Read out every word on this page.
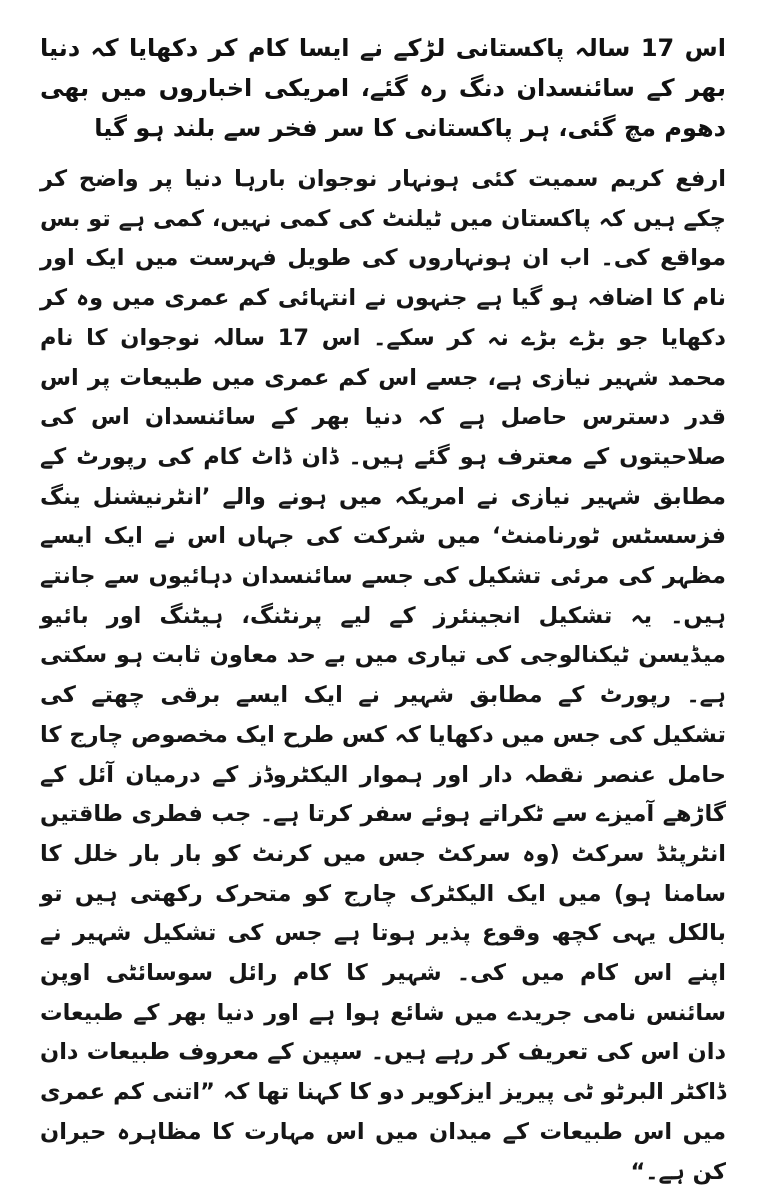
اس 17 سالہ پاکستانی لڑکے نے ایسا کام کر دکھایا کہ دنیا بھر کے سائنسدان دنگ رہ گئے، امریکی اخباروں میں بھی دھوم مچ گئی، ہر پاکستانی کا سر فخر سے بلند ہو گیا

ارفع کریم سمیت کئی ہونہار نوجوان بارہا دنیا پر واضح کر چکے ہیں کہ پاکستان میں ٹیلنٹ کی کمی نہیں، کمی ہے تو بس مواقع کی۔ اب ان ہونہاروں کی طویل فہرست میں ایک اور نام کا اضافہ ہو گیا ہے جنہوں نے انتہائی کم عمری میں وہ کر دکھایا جو بڑے بڑے نہ کر سکے۔ اس 17 سالہ نوجوان کا نام محمد شہیر نیازی ہے، جسے اس کم عمری میں طبیعات پر اس قدر دسترس حاصل ہے کہ دنیا بھر کے سائنسدان اس کی صلاحیتوں کے معترف ہو گئے ہیں۔ ڈان ڈاٹ کام کی رپورٹ کے مطابق شہیر نیازی نے امریکہ میں ہونے والے ’انٹرنیشنل ینگ فزسسٹس ٹورنامنٹ‘ میں شرکت کی جہاں اس نے ایک ایسے مظہر کی مرئی تشکیل کی جسے سائنسدان دہائیوں سے جانتے ہیں۔ یہ تشکیل انجینئرز کے لیے پرنٹنگ، ہیٹنگ اور بائیو میڈیسن ٹیکنالوجی کی تیاری میں بے حد معاون ثابت ہو سکتی ہے۔ رپورٹ کے مطابق شہیر نے ایک ایسے برقی چھتے کی تشکیل کی جس میں دکھایا کہ کس طرح ایک مخصوص چارج کا حامل عنصر نقطہ دار اور ہموار الیکٹروڈز کے درمیان آئل کے گاڑھے آمیزے سے ٹکراتے ہوئے سفر کرتا ہے۔ جب فطری طاقتیں انٹرپٹڈ سرکٹ (وہ سرکٹ جس میں کرنٹ کو بار بار خلل کا سامنا ہو) میں ایک الیکٹرک چارج کو متحرک رکھتی ہیں تو بالکل یہی کچھ وقوع پذیر ہوتا ہے جس کی تشکیل شہیر نے اپنے اس کام میں کی۔ شہیر کا کام رائل سوسائٹی اوپن سائنس نامی جریدے میں شائع ہوا ہے اور دنیا بھر کے طبیعات دان اس کی تعریف کر رہے ہیں۔ سپین کے معروف طبیعات دان ڈاکٹر البرٹو ٹی پیریز ایزکویر دو کا کہنا تھا کہ ”اتنی کم عمری میں اس طبیعات کے میدان میں اس مہارت کا مظاہرہ حیران کن ہے۔“
